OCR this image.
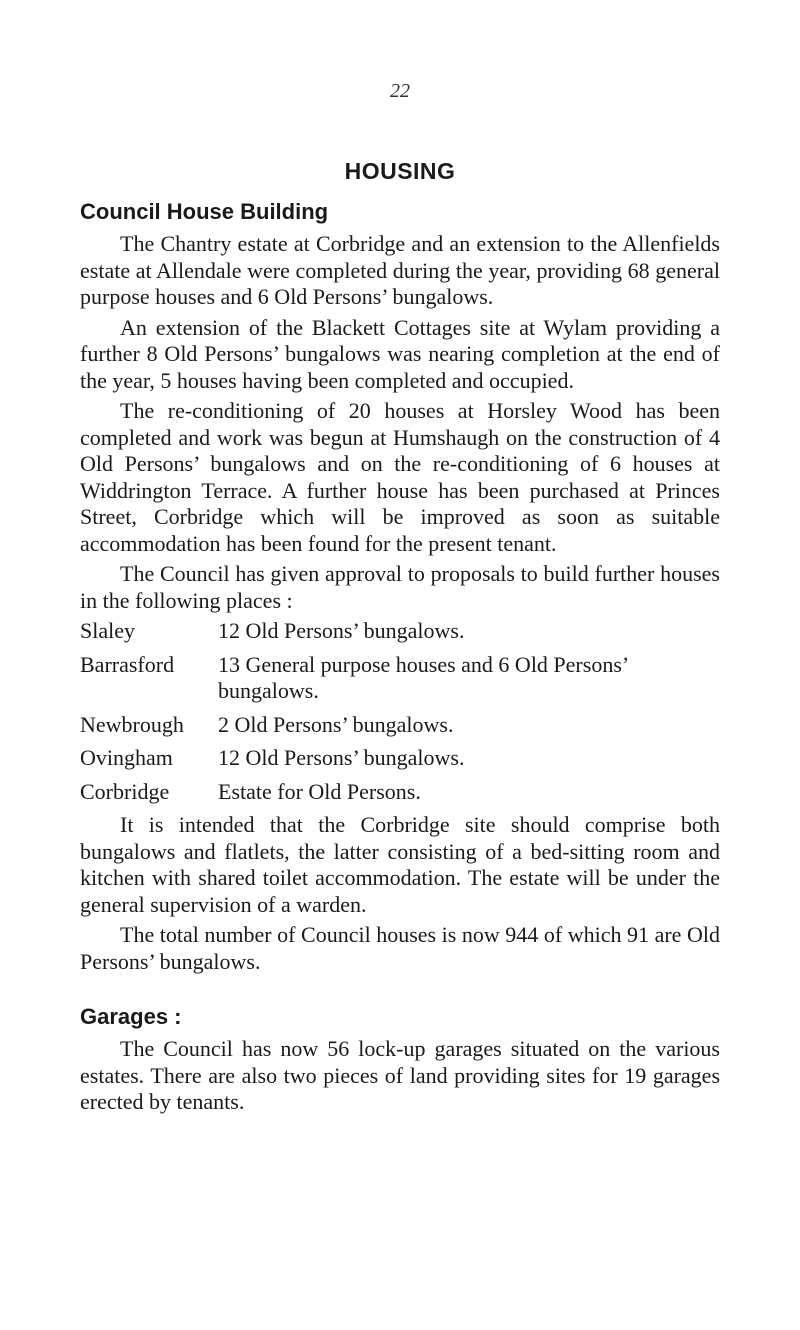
22
HOUSING
Council House Building

The Chantry estate at Corbridge and an extension to the Allenfields estate at Allendale were completed during the year, providing 68 general purpose houses and 6 Old Persons’ bungalows.

An extension of the Blackett Cottages site at Wylam providing a further 8 Old Persons’ bungalows was nearing completion at the end of the year, 5 houses having been completed and occupied.

The re-conditioning of 20 houses at Horsley Wood has been completed and work was begun at Humshaugh on the construction of 4 Old Persons’ bungalows and on the re-conditioning of 6 houses at Widdrington Terrace. A further house has been purchased at Princes Street, Corbridge which will be improved as soon as suitable accommodation has been found for the present tenant.

The Council has given approval to proposals to build further houses in the following places :

Slaley	12 Old Persons’ bungalows.
Barrasford	13 General purpose houses and 6 Old Persons’ bungalows.
Newbrough	2 Old Persons’ bungalows.
Ovingham	12 Old Persons’ bungalows.
Corbridge	Estate for Old Persons.

It is intended that the Corbridge site should comprise both bungalows and flatlets, the latter consisting of a bed-sitting room and kitchen with shared toilet accommodation. The estate will be under the general supervision of a warden.

The total number of Council houses is now 944 of which 91 are Old Persons’ bungalows.

Garages :

The Council has now 56 lock-up garages situated on the various estates. There are also two pieces of land providing sites for 19 garages erected by tenants.
